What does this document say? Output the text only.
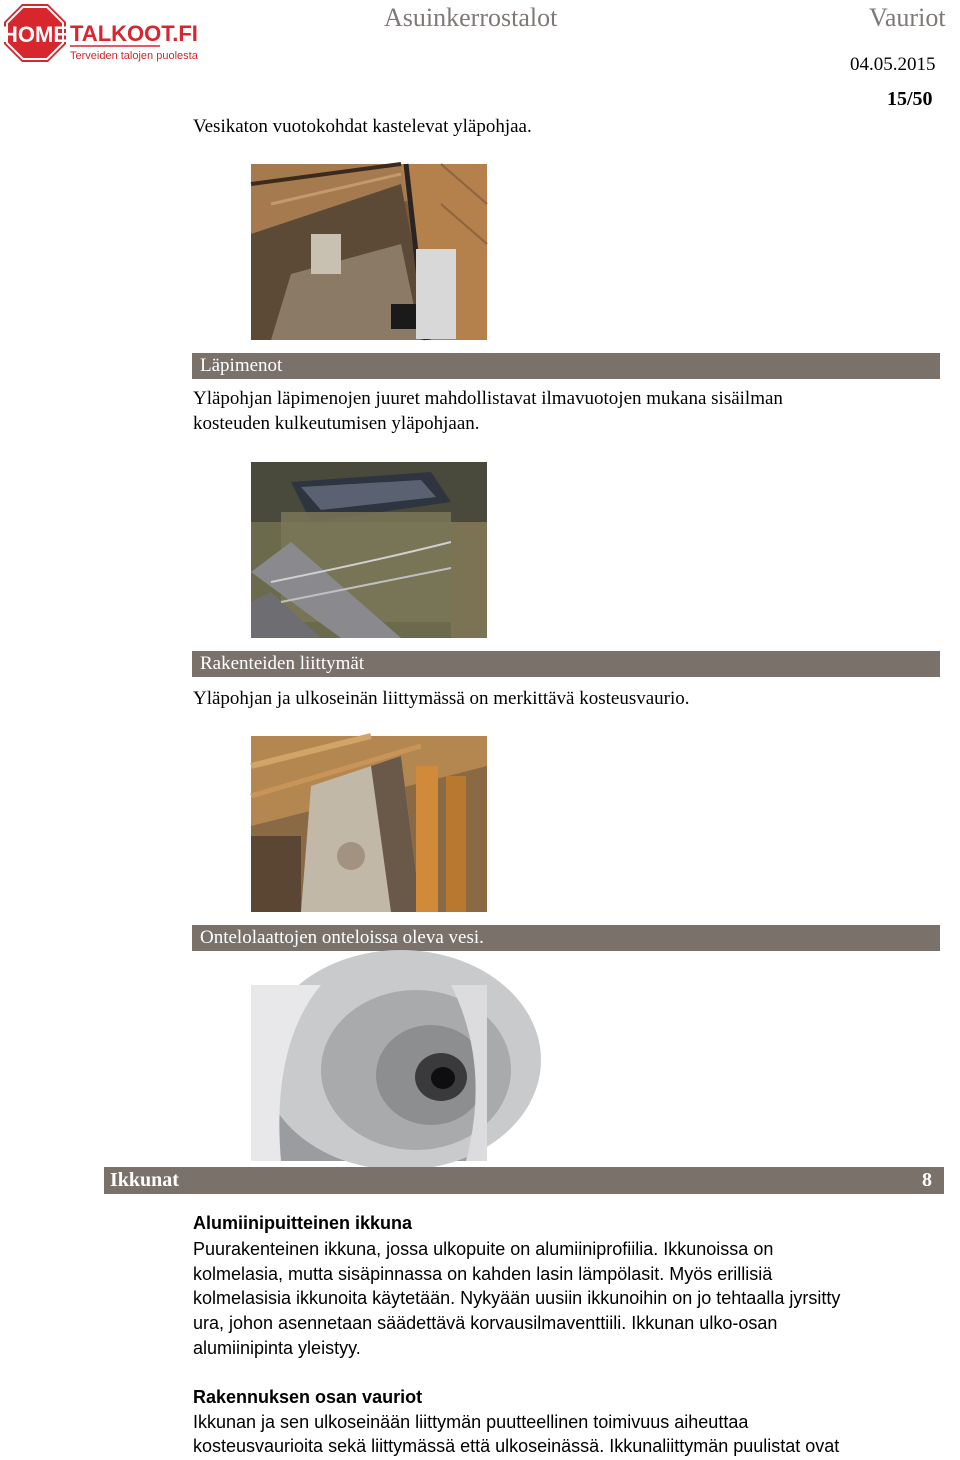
HOME TALKOOT.FI
Terveiden talojen puolesta
Asuinkerrostalot	Vauriot
04.05.2015
15/50
Vesikaton vuotokohdat kastelevat yläpohjaa.
Läpimenot
Yläpohjan läpimenojen juuret mahdollistavat ilmavuotojen mukana sisäilman
kosteuden kulkeutumisen yläpohjaan.
Rakenteiden liittymät
Yläpohjan ja ulkoseinän liittymässä on merkittävä kosteusvaurio.
Ontelolaattojen onteloissa oleva vesi.
Ikkunat	8
Alumiinipuitteinen ikkuna
Puurakenteinen ikkuna, jossa ulkopuite on alumiiniprofiilia. Ikkunoissa on
kolmelasia, mutta sisäpinnassa on kahden lasin lämpölasit. Myös erillisiä
kolmelasisia ikkunoita käytetään. Nykyään uusiin ikkunoihin on jo tehtaalla jyrsitty
ura, johon asennetaan säädettävä korvausilmaventtiili. Ikkunan ulko-osan
alumiinipinta yleistyy.
Rakennuksen osan vauriot
Ikkunan ja sen ulkoseinään liittymän puutteellinen toimivuus aiheuttaa
kosteusvaurioita sekä liittymässä että ulkoseinässä. Ikkunaliittymän puulistat ovat
